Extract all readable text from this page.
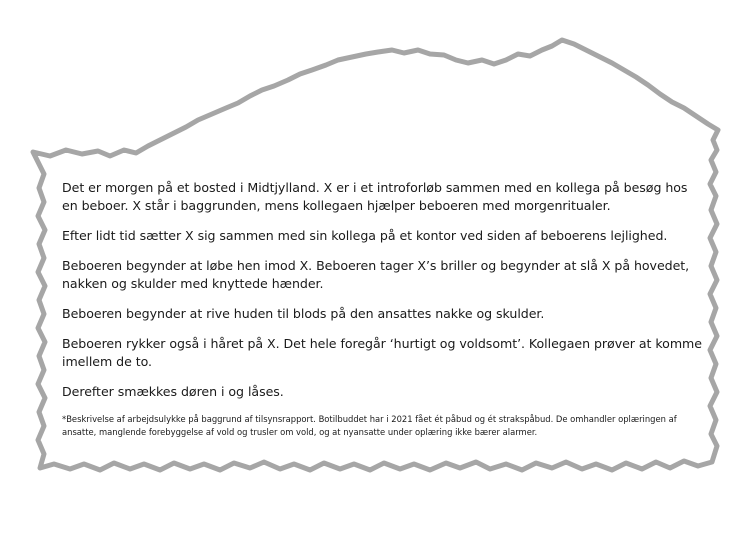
Det er morgen på et bosted i Midtjylland. X er i et introforløb sammen med en kollega på besøg hos en beboer. X står i baggrunden, mens kollegaen hjælper beboeren med morgenritualer.

Efter lidt tid sætter X sig sammen med sin kollega på et kontor ved siden af beboerens lejlighed.

Beboeren begynder at løbe hen imod X. Beboeren tager X’s briller og begynder at slå X på hovedet, nakken og skulder med knyttede hænder.

Beboeren begynder at rive huden til blods på den ansattes nakke og skulder.

Beboeren rykker også i håret på X. Det hele foregår ‘hurtigt og voldsomt’. Kollegaen prøver at komme imellem de to.

Derefter smækkes døren i og låses.

*Beskrivelse af arbejdsulykke på baggrund af tilsynsrapport. Botilbuddet har i 2021 fået ét påbud og ét strakspåbud. De omhandler oplæringen af ansatte, manglende forebyggelse af vold og trusler om vold, og at nyansatte under oplæring ikke bærer alarmer.
